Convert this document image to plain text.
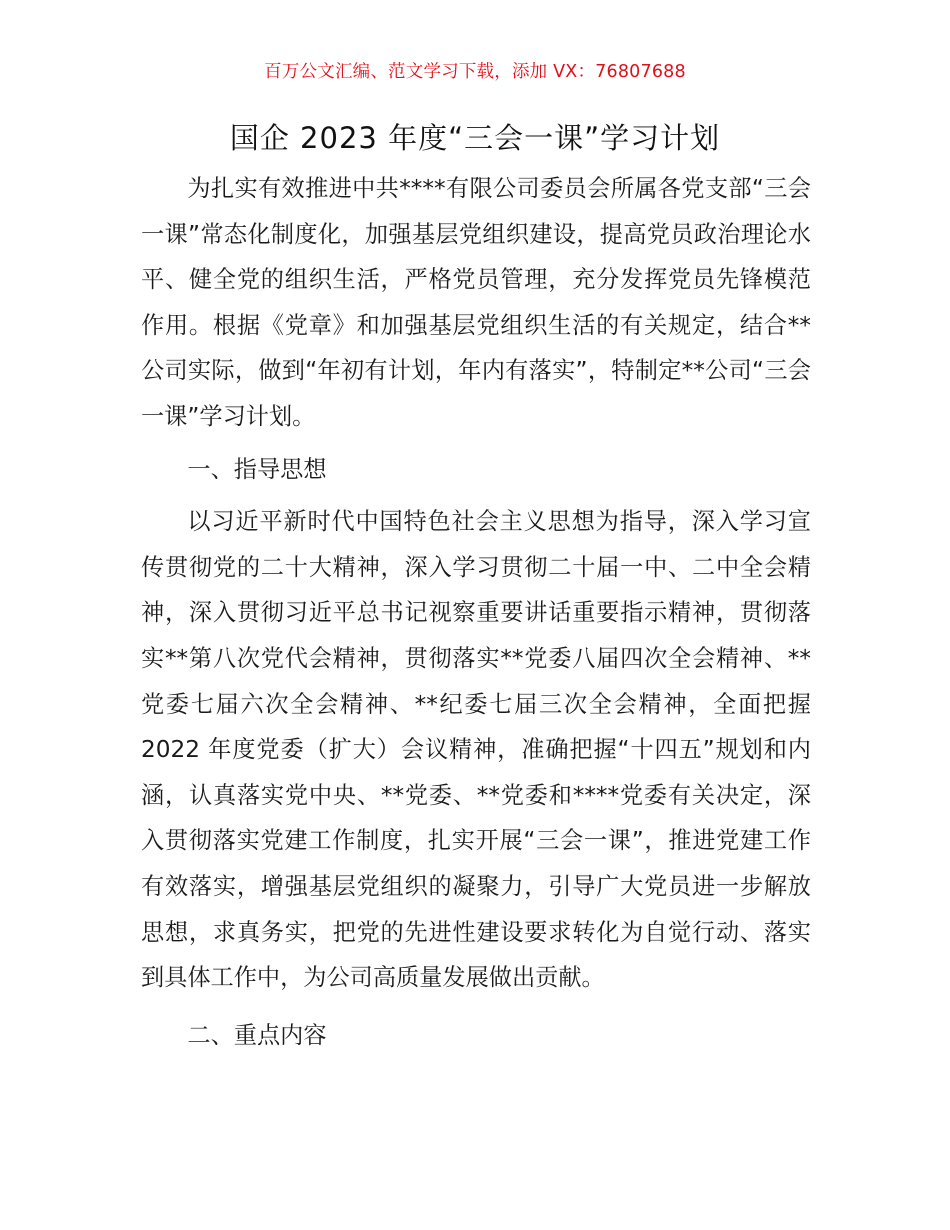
百万公文汇编、范文学习下载，添加 VX：76807688
国企 2023 年度“三会一课”学习计划

为扎实有效推进中共****有限公司委员会所属各党支部“三会一课”常态化制度化，加强基层党组织建设，提高党员政治理论水平、健全党的组织生活，严格党员管理，充分发挥党员先锋模范作用。根据《党章》和加强基层党组织生活的有关规定，结合**公司实际，做到“年初有计划，年内有落实”，特制定**公司“三会一课”学习计划。

一、指导思想

以习近平新时代中国特色社会主义思想为指导，深入学习宣传贯彻党的二十大精神，深入学习贯彻二十届一中、二中全会精神，深入贯彻习近平总书记视察重要讲话重要指示精神，贯彻落实**第八次党代会精神，贯彻落实**党委八届四次全会精神、**党委七届六次全会精神、**纪委七届三次全会精神，全面把握 2022 年度党委（扩大）会议精神，准确把握“十四五”规划和内涵，认真落实党中央、**党委、**党委和****党委有关决定，深入贯彻落实党建工作制度，扎实开展“三会一课”，推进党建工作有效落实，增强基层党组织的凝聚力，引导广大党员进一步解放思想，求真务实，把党的先进性建设要求转化为自觉行动、落实到具体工作中，为公司高质量发展做出贡献。

二、重点内容
